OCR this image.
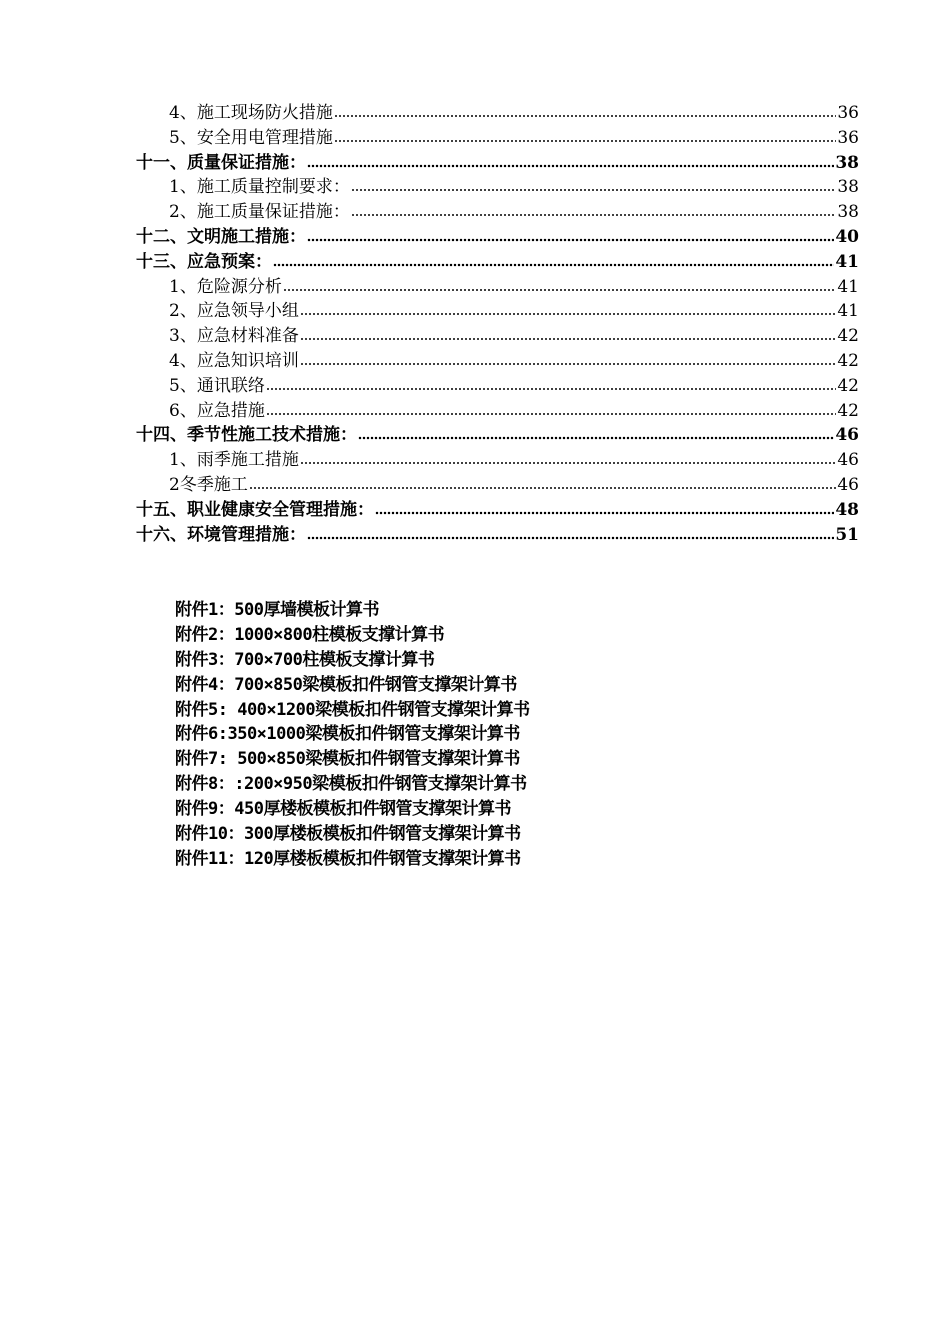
4、施工现场防火措施	36
5、安全用电管理措施	36
十一、质量保证措施：	38
1、施工质量控制要求：	38
2、施工质量保证措施：	38
十二、文明施工措施：	40
十三、应急预案：	41
1、危险源分析	41
2、应急领导小组	41
3、应急材料准备	42
4、应急知识培训	42
5、通讯联络	42
6、应急措施	42
十四、季节性施工技术措施：	46
1、雨季施工措施	46
2冬季施工	46
十五、职业健康安全管理措施：	48
十六、环境管理措施：	51
附件1：500厚墙模板计算书
附件2：1000×800柱模板支撑计算书
附件3：700×700柱模板支撑计算书
附件4：700×850梁模板扣件钢管支撑架计算书
附件5: 400×1200梁模板扣件钢管支撑架计算书
附件6:350×1000梁模板扣件钢管支撑架计算书
附件7: 500×850梁模板扣件钢管支撑架计算书
附件8：:200×950梁模板扣件钢管支撑架计算书
附件9：450厚楼板模板扣件钢管支撑架计算书
附件10：300厚楼板模板扣件钢管支撑架计算书
附件11：120厚楼板模板扣件钢管支撑架计算书
